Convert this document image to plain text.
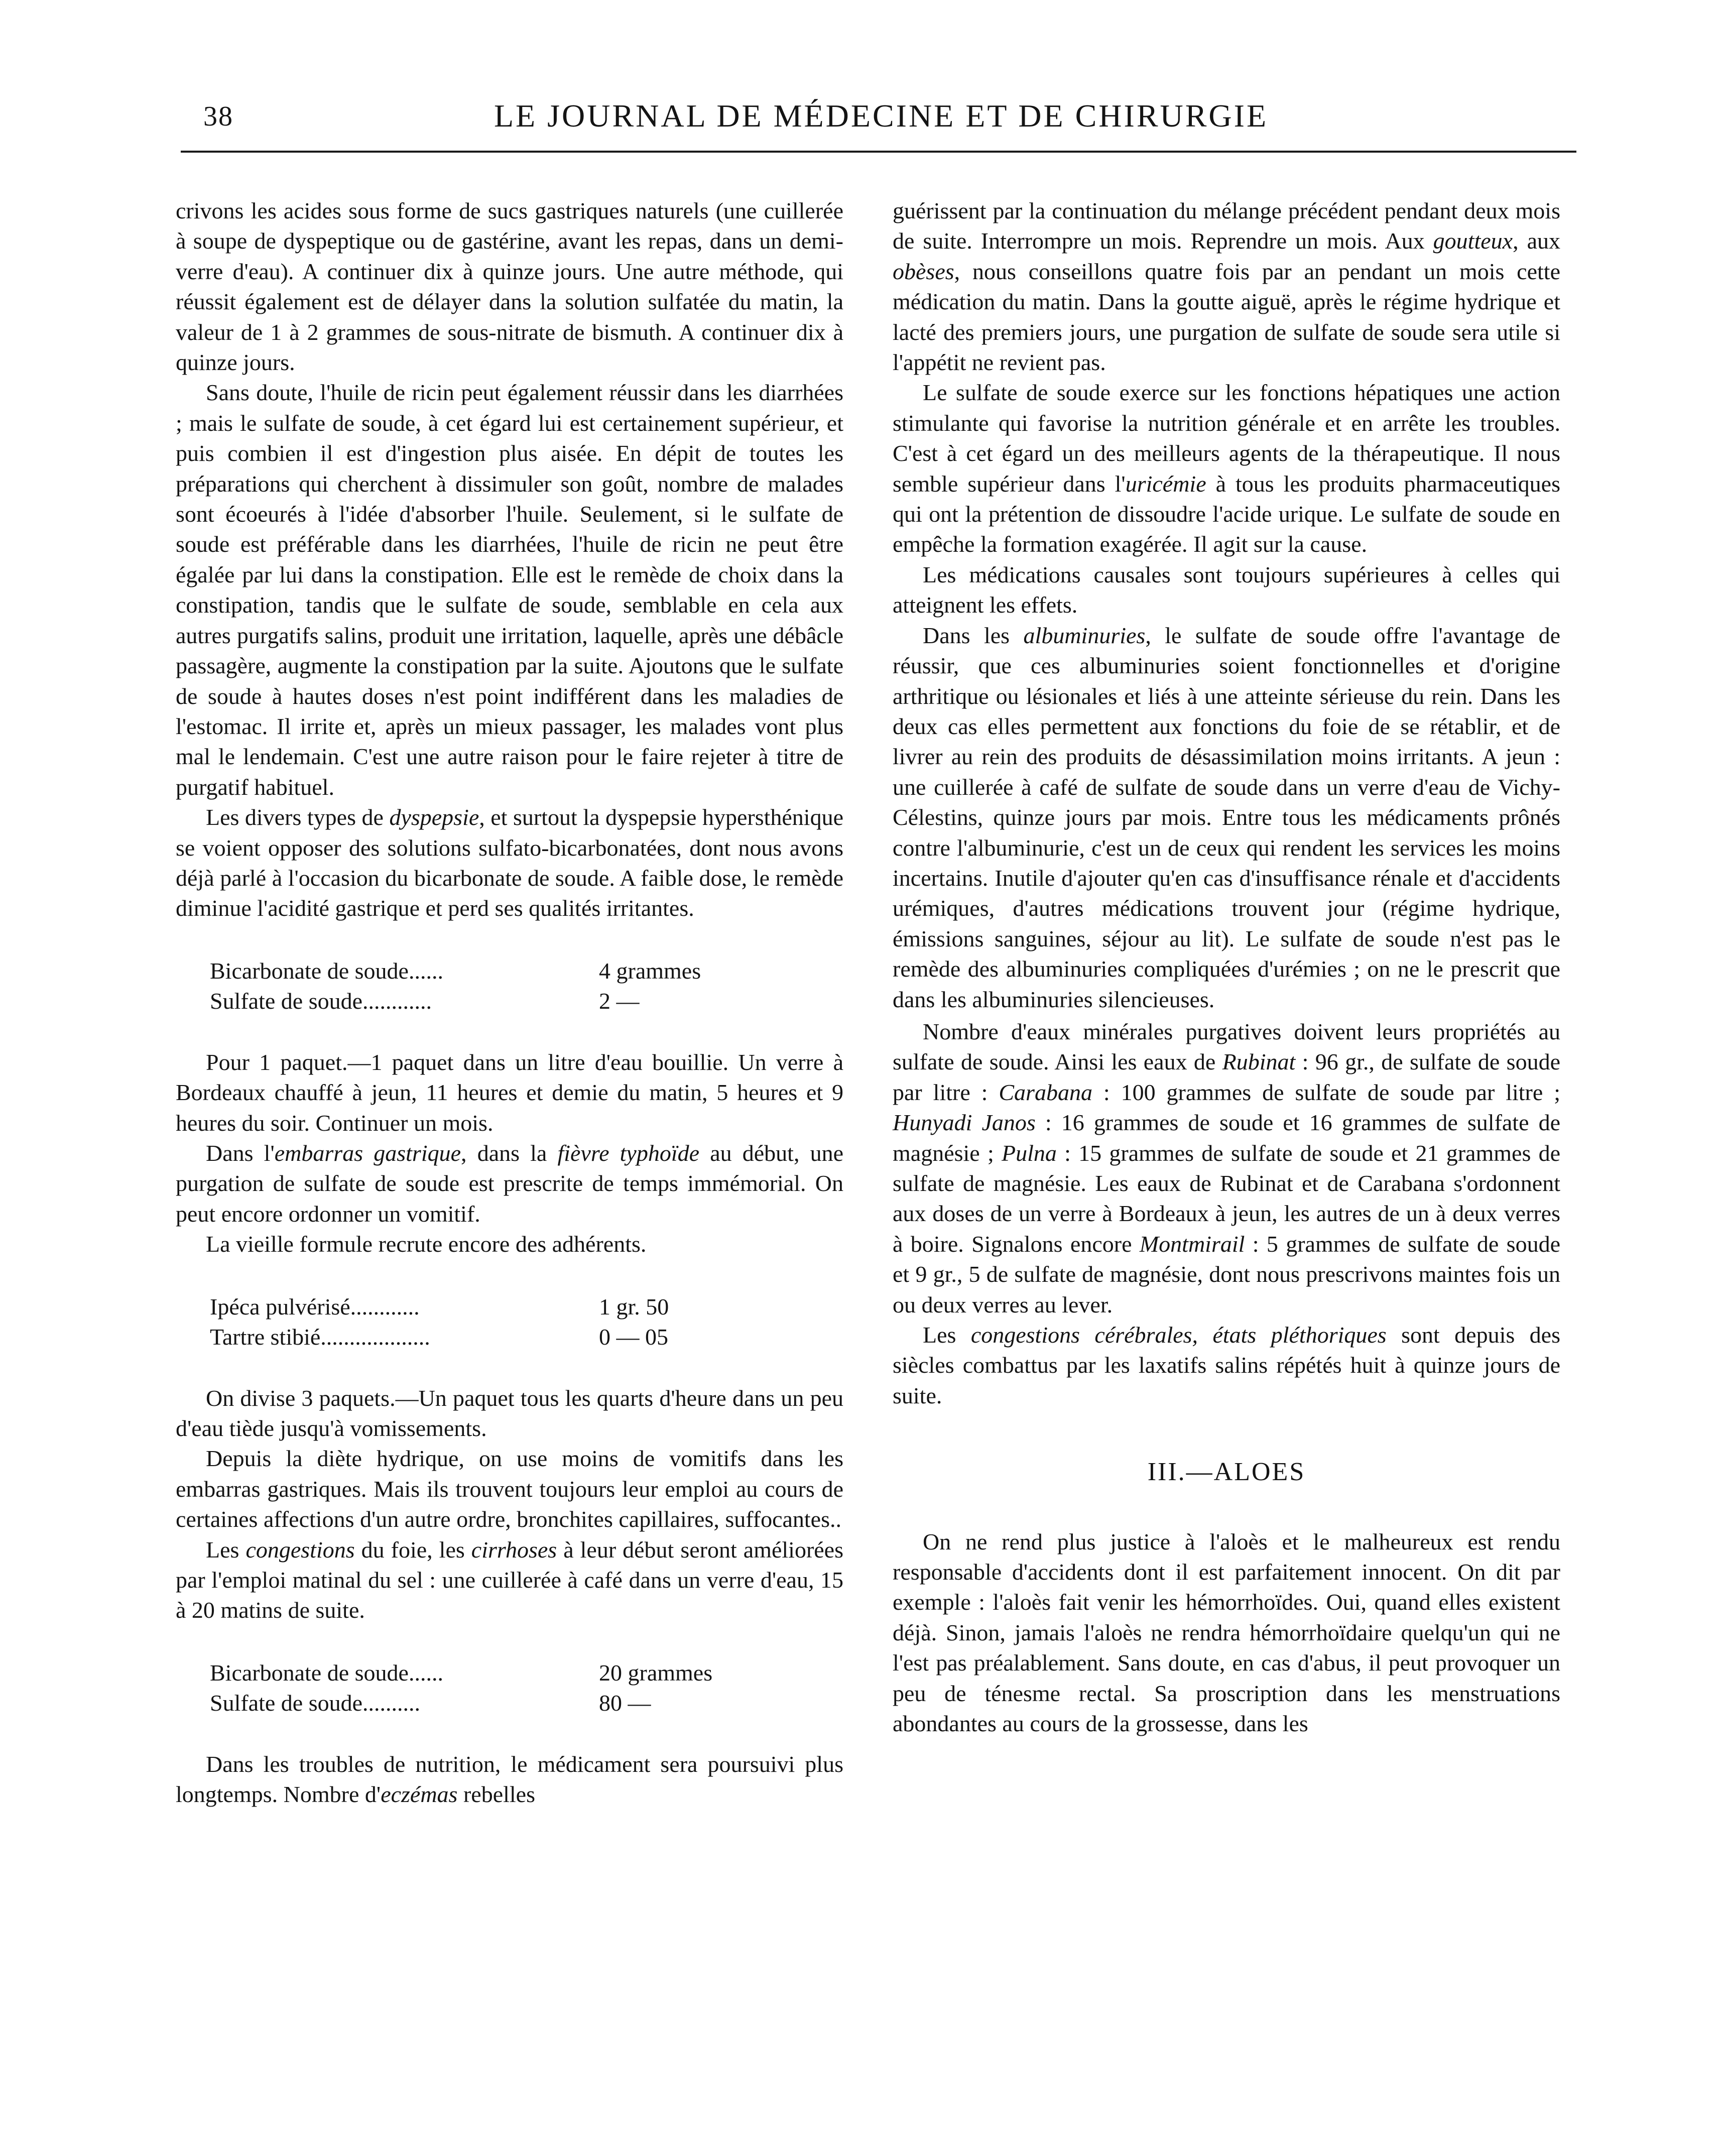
38	LE JOURNAL DE MÉDECINE ET DE CHIRURGIE

crivons les acides sous forme de sucs gastriques naturels (une cuillerée à soupe de dyspeptique ou de gastérine, avant les repas, dans un demi-verre d'eau). A continuer dix à quinze jours. Une autre méthode, qui réussit également est de délayer dans la solution sulfatée du matin, la valeur de 1 à 2 grammes de sous-nitrate de bismuth. A continuer dix à quinze jours.

Sans doute, l'huile de ricin peut également réussir dans les diarrhées ; mais le sulfate de soude, à cet égard lui est certainement supérieur, et puis combien il est d'ingestion plus aisée. En dépit de toutes les préparations qui cherchent à dissimuler son goût, nombre de malades sont écoeurés à l'idée d'absorber l'huile. Seulement, si le sulfate de soude est préférable dans les diarrhées, l'huile de ricin ne peut être égalée par lui dans la constipation. Elle est le remède de choix dans la constipation, tandis que le sulfate de soude, semblable en cela aux autres purgatifs salins, produit une irritation, laquelle, après une débâcle passagère, augmente la constipation par la suite. Ajoutons que le sulfate de soude à hautes doses n'est point indifférent dans les maladies de l'estomac. Il irrite et, après un mieux passager, les malades vont plus mal le lendemain. C'est une autre raison pour le faire rejeter à titre de purgatif habituel.

Les divers types de dyspepsie, et surtout la dyspepsie hypersthénique se voient opposer des solutions sulfato-bicarbonatées, dont nous avons déjà parlé à l'occasion du bicarbonate de soude. A faible dose, le remède diminue l'acidité gastrique et perd ses qualités irritantes.

Bicarbonate de soude......	4 grammes
Sulfate de soude............	2 —

Pour 1 paquet.—1 paquet dans un litre d'eau bouillie. Un verre à Bordeaux chauffé à jeun, 11 heures et demie du matin, 5 heures et 9 heures du soir. Continuer un mois.

Dans l'embarras gastrique, dans la fièvre typhoïde au début, une purgation de sulfate de soude est prescrite de temps immémorial. On peut encore ordonner un vomitif.

La vieille formule recrute encore des adhérents.

Ipéca pulvérisé............	1 gr. 50
Tartre stibié...................	0 — 05

On divise 3 paquets.—Un paquet tous les quarts d'heure dans un peu d'eau tiède jusqu'à vomissements.

Depuis la diète hydrique, on use moins de vomitifs dans les embarras gastriques. Mais ils trouvent toujours leur emploi au cours de certaines affections d'un autre ordre, bronchites capillaires, suffocantes..

Les congestions du foie, les cirrhoses à leur début seront améliorées par l'emploi matinal du sel : une cuillerée à café dans un verre d'eau, 15 à 20 matins de suite.

Bicarbonate de soude......	20 grammes
Sulfate de soude..........	80 —

Dans les troubles de nutrition, le médicament sera poursuivi plus longtemps. Nombre d'eczémas rebelles

guérissent par la continuation du mélange précédent pendant deux mois de suite. Interrompre un mois. Reprendre un mois. Aux goutteux, aux obèses, nous conseillons quatre fois par an pendant un mois cette médication du matin. Dans la goutte aiguë, après le régime hydrique et lacté des premiers jours, une purgation de sulfate de soude sera utile si l'appétit ne revient pas.

Le sulfate de soude exerce sur les fonctions hépatiques une action stimulante qui favorise la nutrition générale et en arrête les troubles. C'est à cet égard un des meilleurs agents de la thérapeutique. Il nous semble supérieur dans l'uricémie à tous les produits pharmaceutiques qui ont la prétention de dissoudre l'acide urique. Le sulfate de soude en empêche la formation exagérée. Il agit sur la cause.

Les médications causales sont toujours supérieures à celles qui atteignent les effets.

Dans les albuminuries, le sulfate de soude offre l'avantage de réussir, que ces albuminuries soient fonctionnelles et d'origine arthritique ou lésionales et liés à une atteinte sérieuse du rein. Dans les deux cas elles permettent aux fonctions du foie de se rétablir, et de livrer au rein des produits de désassimilation moins irritants. A jeun : une cuillerée à café de sulfate de soude dans un verre d'eau de Vichy-Célestins, quinze jours par mois. Entre tous les médicaments prônés contre l'albuminurie, c'est un de ceux qui rendent les services les moins incertains. Inutile d'ajouter qu'en cas d'insuffisance rénale et d'accidents urémiques, d'autres médications trouvent jour (régime hydrique, émissions sanguines, séjour au lit). Le sulfate de soude n'est pas le remède des albuminuries compliquées d'urémies ; on ne le prescrit que dans les albuminuries silencieuses.

Nombre d'eaux minérales purgatives doivent leurs propriétés au sulfate de soude. Ainsi les eaux de Rubinat : 96 gr., de sulfate de soude par litre : Carabana : 100 grammes de sulfate de soude par litre ; Hunyadi Janos : 16 grammes de soude et 16 grammes de sulfate de magnésie ; Pulna : 15 grammes de sulfate de soude et 21 grammes de sulfate de magnésie. Les eaux de Rubinat et de Carabana s'ordonnent aux doses de un verre à Bordeaux à jeun, les autres de un à deux verres à boire. Signalons encore Montmirail : 5 grammes de sulfate de soude et 9 gr., 5 de sulfate de magnésie, dont nous prescrivons maintes fois un ou deux verres au lever.

Les congestions cérébrales, états pléthoriques sont depuis des siècles combattus par les laxatifs salins répétés huit à quinze jours de suite.

III.—ALOES

On ne rend plus justice à l'aloès et le malheureux est rendu responsable d'accidents dont il est parfaitement innocent. On dit par exemple : l'aloès fait venir les hémorrhoïdes. Oui, quand elles existent déjà. Sinon, jamais l'aloès ne rendra hémorrhoïdaire quelqu'un qui ne l'est pas préalablement. Sans doute, en cas d'abus, il peut provoquer un peu de ténesme rectal. Sa proscription dans les menstruations abondantes au cours de la grossesse, dans les
